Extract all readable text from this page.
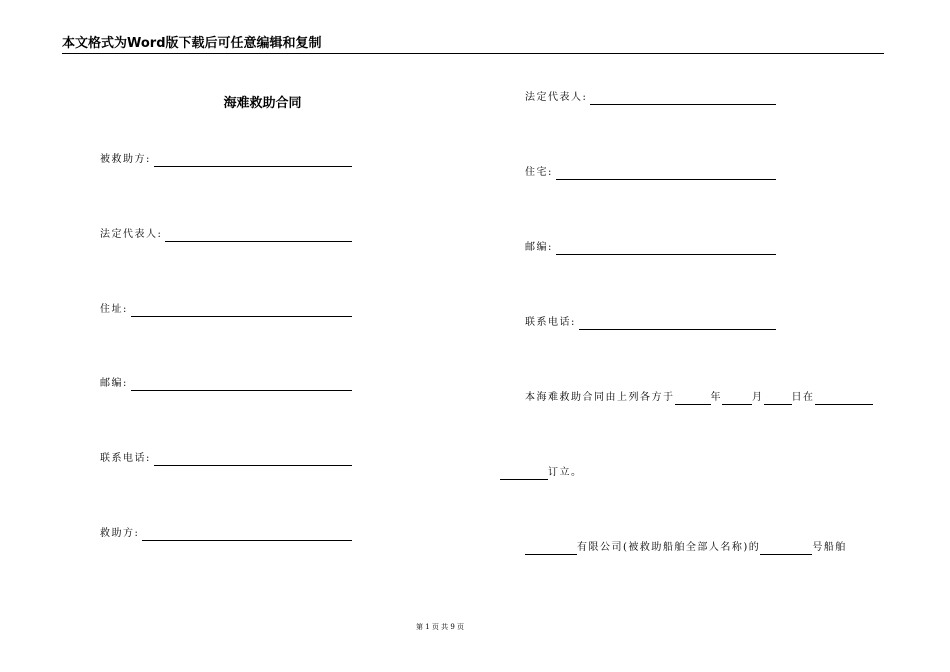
本文格式为Word版下载后可任意编辑和复制
海难救助合同
被救助方:
法定代表人:
住址:
邮编:
联系电话:
救助方:
法定代表人:
住宅:
邮编:
联系电话:
本海难救助合同由上列各方于	年	月	日在
订立。
有限公司(被救助船舶全部人名称)的	号船舶
第 1 页 共 9 页
